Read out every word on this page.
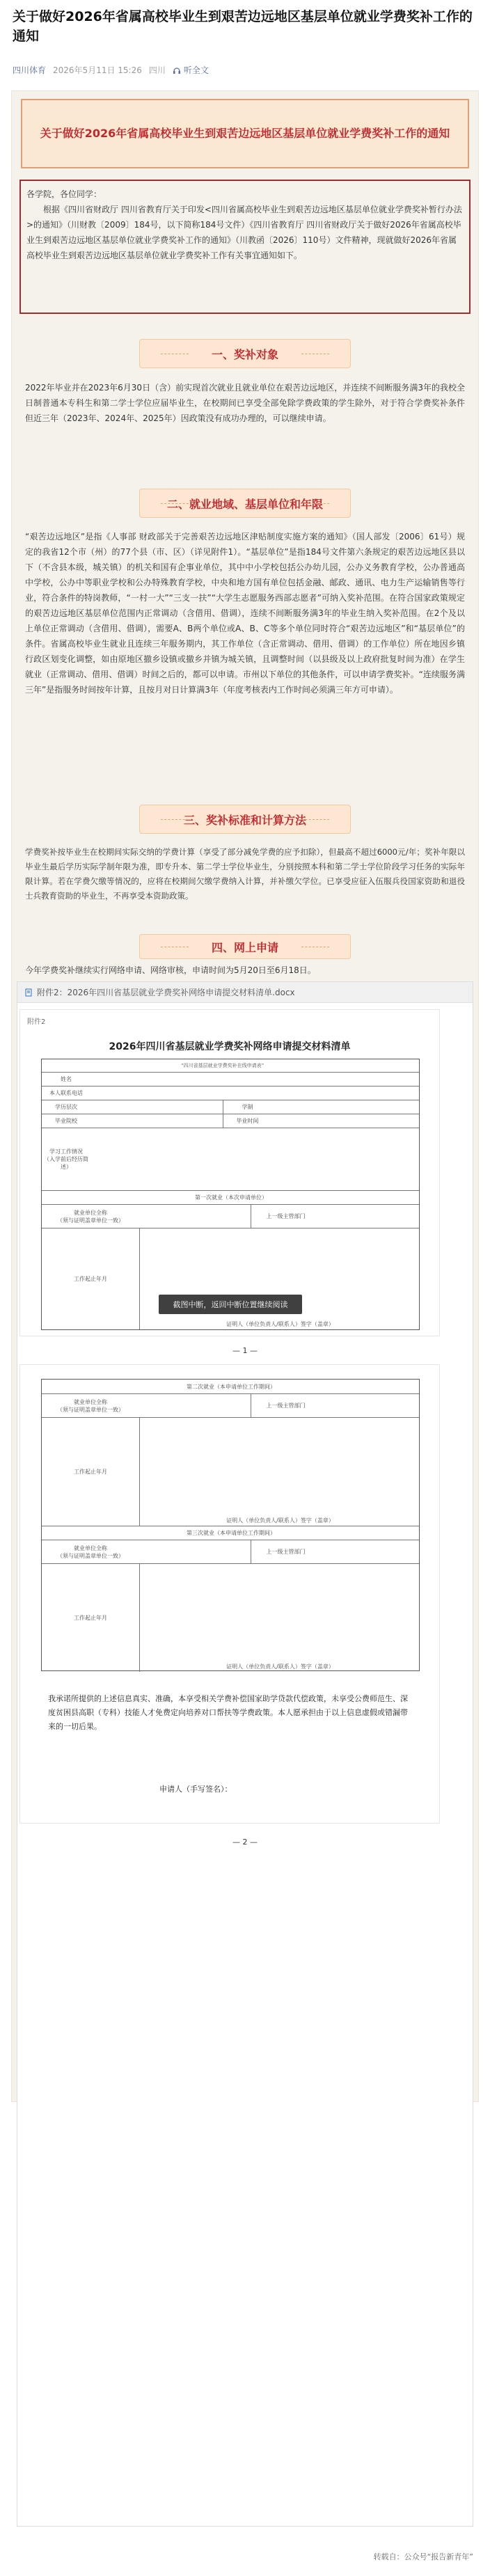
关于做好2026年省属高校毕业生到艰苦边远地区基层单位就业学费奖补工作的通知
四川体育 2026年5月11日 15:26 四川 听全文
关于做好2026年省属高校毕业生到艰苦边远地区基层单位就业学费奖补工作的通知

各学院，各位同学：

根据《四川省财政厅 四川省教育厅关于印发<四川省属高校毕业生到艰苦边远地区基层单位就业学费奖补暂行办法>的通知》（川财教〔2009〕184号，以下简称184号文件）《四川省教育厅 四川省财政厅关于做好2026年省属高校毕业生到艰苦边远地区基层单位就业学费奖补工作的通知》（川教函〔2026〕110号）文件精神，现就做好2026年省属高校毕业生到艰苦边远地区基层单位就业学费奖补工作有关事宜通知如下。

一、奖补对象
2022年毕业并在2023年6月30日（含）前实现首次就业且就业单位在艰苦边远地区，并连续不间断服务满3年的我校全日制普通本专科生和第二学士学位应届毕业生，在校期间已享受全部免除学费政策的学生除外，对于符合学费奖补条件但近三年（2023年、2024年、2025年）因政策没有成功办理的，可以继续申请。
二、就业地域、基层单位和年限
“艰苦边远地区”是指《人事部 财政部关于完善艰苦边远地区津贴制度实施方案的通知》（国人部发〔2006〕61号）规定的我省12个市（州）的77个县（市、区）（详见附件1）。“基层单位”是指184号文件第六条规定的艰苦边远地区县以下（不含县本级，城关镇）的机关和国有企事业单位，其中中小学校包括公办幼儿园，公办义务教育学校，公办普通高中学校，公办中等职业学校和公办特殊教育学校，中央和地方国有单位包括金融、邮政、通讯、电力生产运输销售等行业，符合条件的特岗教师，“一村一大”“三支一扶”“大学生志愿服务西部志愿者”可纳入奖补范围。在符合国家政策规定的艰苦边远地区基层单位范围内正常调动（含借用、借调），连续不间断服务满3年的毕业生纳入奖补范围。在2个及以上单位正常调动（含借用、借调），需要A、B两个单位或A、B、C等多个单位同时符合“艰苦边远地区”和“基层单位”的条件。省属高校毕业生就业且连续三年服务期内，其工作单位（含正常调动、借用、借调）的工作单位）所在地因乡镇行政区划变化调整，如由原地区撤乡设镇或撤乡并镇为城关镇，且调整时间（以县级及以上政府批复时间为准）在学生就业（正常调动、借用、借调）时间之后的，都可以申请。市州以下单位的其他条件，可以申请学费奖补。“连续服务满三年”是指服务时间按年计算，且按月对日计算满3年（年度考核表内工作时间必须满三年方可申请）。
三、奖补标准和计算方法
学费奖补按毕业生在校期间实际交纳的学费计算（享受了部分减免学费的应予扣除），但最高不超过6000元/年；奖补年限以毕业生最后学历实际学制年限为准，即专升本、第二学士学位毕业生，分别按照本科和第二学士学位阶段学习任务的实际年限计算。若在学费欠缴等情况的，应将在校期间欠缴学费纳入计算，并补缴欠学位。已享受应征入伍服兵役国家资助和退役士兵教育资助的毕业生，不再享受本资助政策。
四、网上申请
今年学费奖补继续实行网络申请、网络审核，申请时间为5月20日至6月18日。
附件2：2026年四川省基层就业学费奖补网络申请提交材料清单.docx
附件2
2026年四川省基层就业学费奖补网络申请提交材料清单
“四川省基层就业学费奖补在线申请表”
姓名
本人联系电话
学历层次	学制
毕业院校	毕业时间
学习工作情况
（入学前后经历简述）
第一次就业（本次申请单位）
就业单位全称
（须与证明盖章单位一致）
上一级主管部门
工作起止年月
证明人（单位负责人/联系人）签字（盖章）
截图中断，返回中断位置继续阅读
— 1 —
第二次就业（本申请单位工作期间）
就业单位全称
（须与证明盖章单位一致）
上一级主管部门
工作起止年月
证明人（单位负责人/联系人）签字（盖章）
第三次就业（本申请单位工作期间）
就业单位全称
（须与证明盖章单位一致）
上一级主管部门
工作起止年月
证明人（单位负责人/联系人）签字（盖章）
我承诺所提供的上述信息真实、准确，本享受相关学费补偿国家助学贷款代偿政策，未享受公费师范生、深度贫困县高职（专科）技能人才免费定向培养对口帮扶等学费政策。本人愿承担由于以上信息虚假或错漏带来的一切后果。
申请人（手写签名）：
— 2 —
转载自：公众号“报告新青年”
